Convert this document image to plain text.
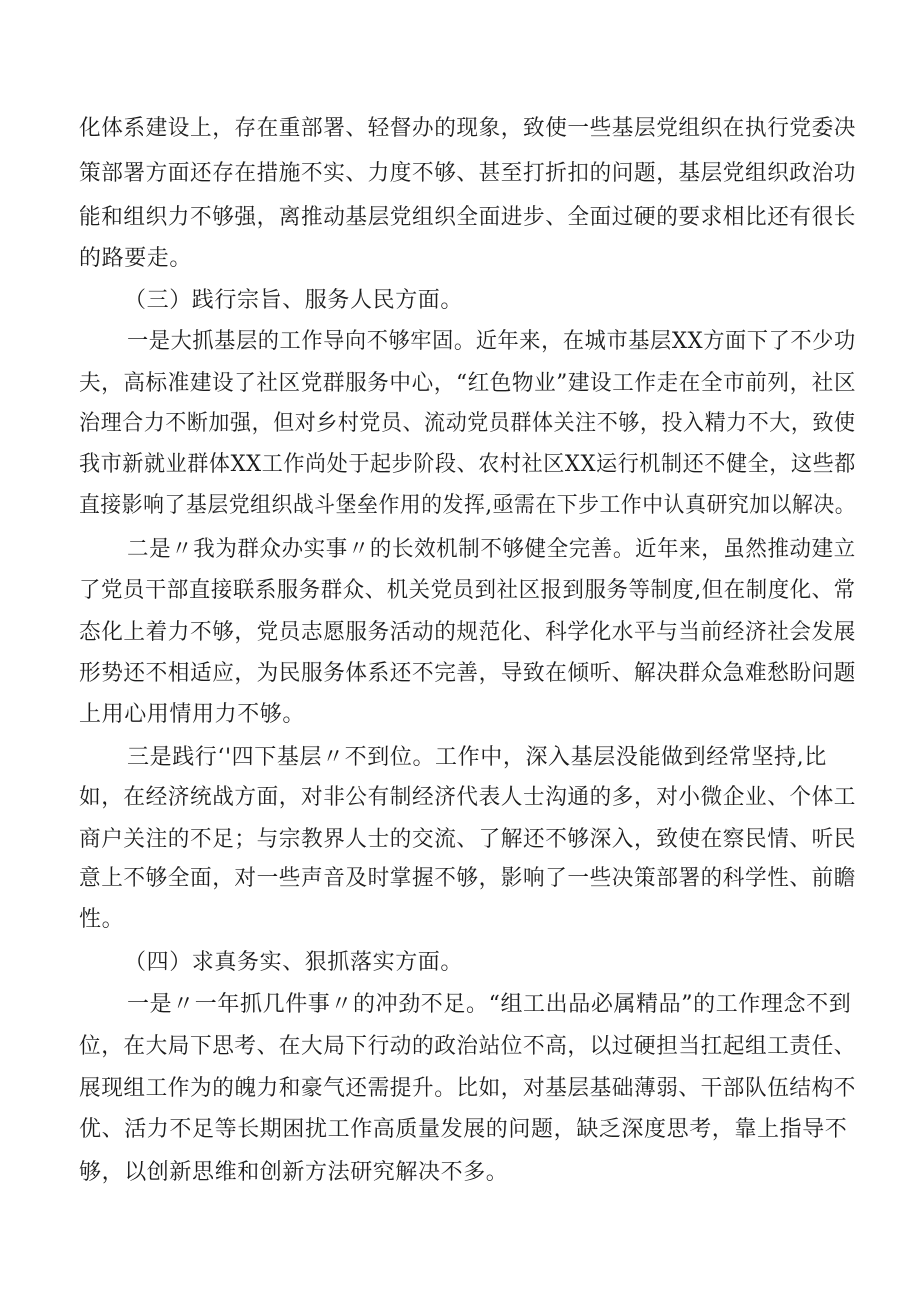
化体系建设上，存在重部署、轻督办的现象，致使一些基层党组织在执行党委决
策部署方面还存在措施不实、力度不够、甚至打折扣的问题，基层党组织政治功
能和组织力不够强，离推动基层党组织全面进步、全面过硬的要求相比还有很长
的路要走。
（三）践行宗旨、服务人民方面。
一是大抓基层的工作导向不够牢固。近年来，在城市基层XX方面下了不少功
夫，高标准建设了社区党群服务中心，“红色物业”建设工作走在全市前列，社区
治理合力不断加强，但对乡村党员、流动党员群体关注不够，投入精力不大，致使
我市新就业群体XX工作尚处于起步阶段、农村社区XX运行机制还不健全，这些都
直接影响了基层党组织战斗堡垒作用的发挥,亟需在下步工作中认真研究加以解决。
二是〃我为群众办实事〃的长效机制不够健全完善。近年来，虽然推动建立
了党员干部直接联系服务群众、机关党员到社区报到服务等制度,但在制度化、常
态化上着力不够，党员志愿服务活动的规范化、科学化水平与当前经济社会发展
形势还不相适应，为民服务体系还不完善，导致在倾听、解决群众急难愁盼问题
上用心用情用力不够。
三是践行‘'四下基层〃不到位。工作中，深入基层没能做到经常坚持,比
如，在经济统战方面，对非公有制经济代表人士沟通的多，对小微企业、个体工
商户关注的不足；与宗教界人士的交流、了解还不够深入，致使在察民情、听民
意上不够全面，对一些声音及时掌握不够，影响了一些决策部署的科学性、前瞻
性。
（四）求真务实、狠抓落实方面。
一是〃一年抓几件事〃的冲劲不足。“组工出品必属精品”的工作理念不到
位，在大局下思考、在大局下行动的政治站位不高，以过硬担当扛起组工责任、
展现组工作为的魄力和豪气还需提升。比如，对基层基础薄弱、干部队伍结构不
优、活力不足等长期困扰工作高质量发展的问题，缺乏深度思考，靠上指导不
够，以创新思维和创新方法研究解决不多。
